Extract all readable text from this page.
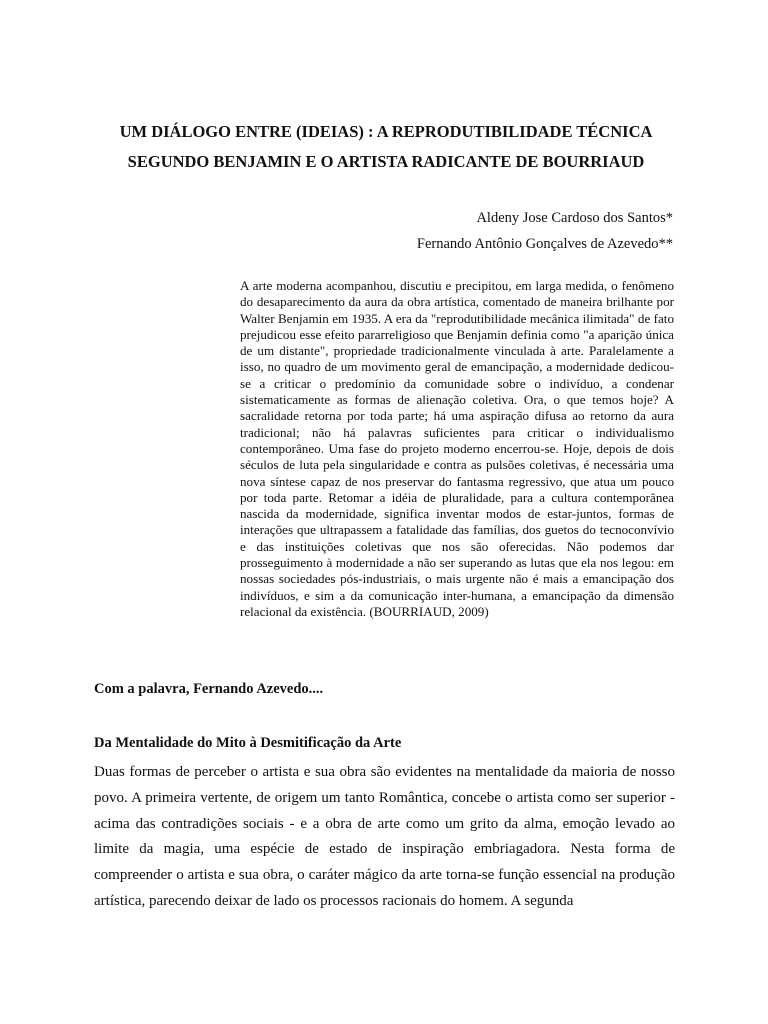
UM DIÁLOGO ENTRE (IDEIAS) : A REPRODUTIBILIDADE TÉCNICA SEGUNDO BENJAMIN E O ARTISTA RADICANTE DE BOURRIAUD

Aldeny Jose Cardoso dos Santos*

Fernando Antônio Gonçalves de Azevedo**

A arte moderna acompanhou, discutiu e precipitou, em larga medida, o fenômeno do desaparecimento da aura da obra artística, comentado de maneira brilhante por Walter Benjamin em 1935. A era da "reprodutibilidade mecânica ilimitada" de fato prejudicou esse efeito pararreligioso que Benjamin definia como "a aparição única de um distante", propriedade tradicionalmente vinculada à arte. Paralelamente a isso, no quadro de um movimento geral de emancipação, a modernidade dedicou-se a criticar o predomínio da comunidade sobre o indivíduo, a condenar sistematicamente as formas de alienação coletiva. Ora, o que temos hoje? A sacralidade retorna por toda parte; há uma aspiração difusa ao retorno da aura tradicional; não há palavras suficientes para criticar o individualismo contemporâneo. Uma fase do projeto moderno encerrou-se. Hoje, depois de dois séculos de luta pela singularidade e contra as pulsões coletivas, é necessária uma nova síntese capaz de nos preservar do fantasma regressivo, que atua um pouco por toda parte. Retomar a idéia de pluralidade, para a cultura contemporânea nascida da modernidade, significa inventar modos de estar-juntos, formas de interações que ultrapassem a fatalidade das famílias, dos guetos do tecnoconvívio e das instituições coletivas que nos são oferecidas. Não podemos dar prosseguimento à modernidade a não ser superando as lutas que ela nos legou: em nossas sociedades pós-industriais, o mais urgente não é mais a emancipação dos indivíduos, e sim a da comunicação inter-humana, a emancipação da dimensão relacional da existência. (BOURRIAUD, 2009)

Com a palavra, Fernando Azevedo....

Da Mentalidade do Mito à Desmitificação da Arte

Duas formas de perceber o artista e sua obra são evidentes na mentalidade da maioria de nosso povo. A primeira vertente, de origem um tanto Romântica, concebe o artista como ser superior - acima das contradições sociais - e a obra de arte como um grito da alma, emoção levado ao limite da magia, uma espécie de estado de inspiração embriagadora. Nesta forma de compreender o artista e sua obra, o caráter mágico da arte torna-se função essencial na produção artística, parecendo deixar de lado os processos racionais do homem. A segunda
